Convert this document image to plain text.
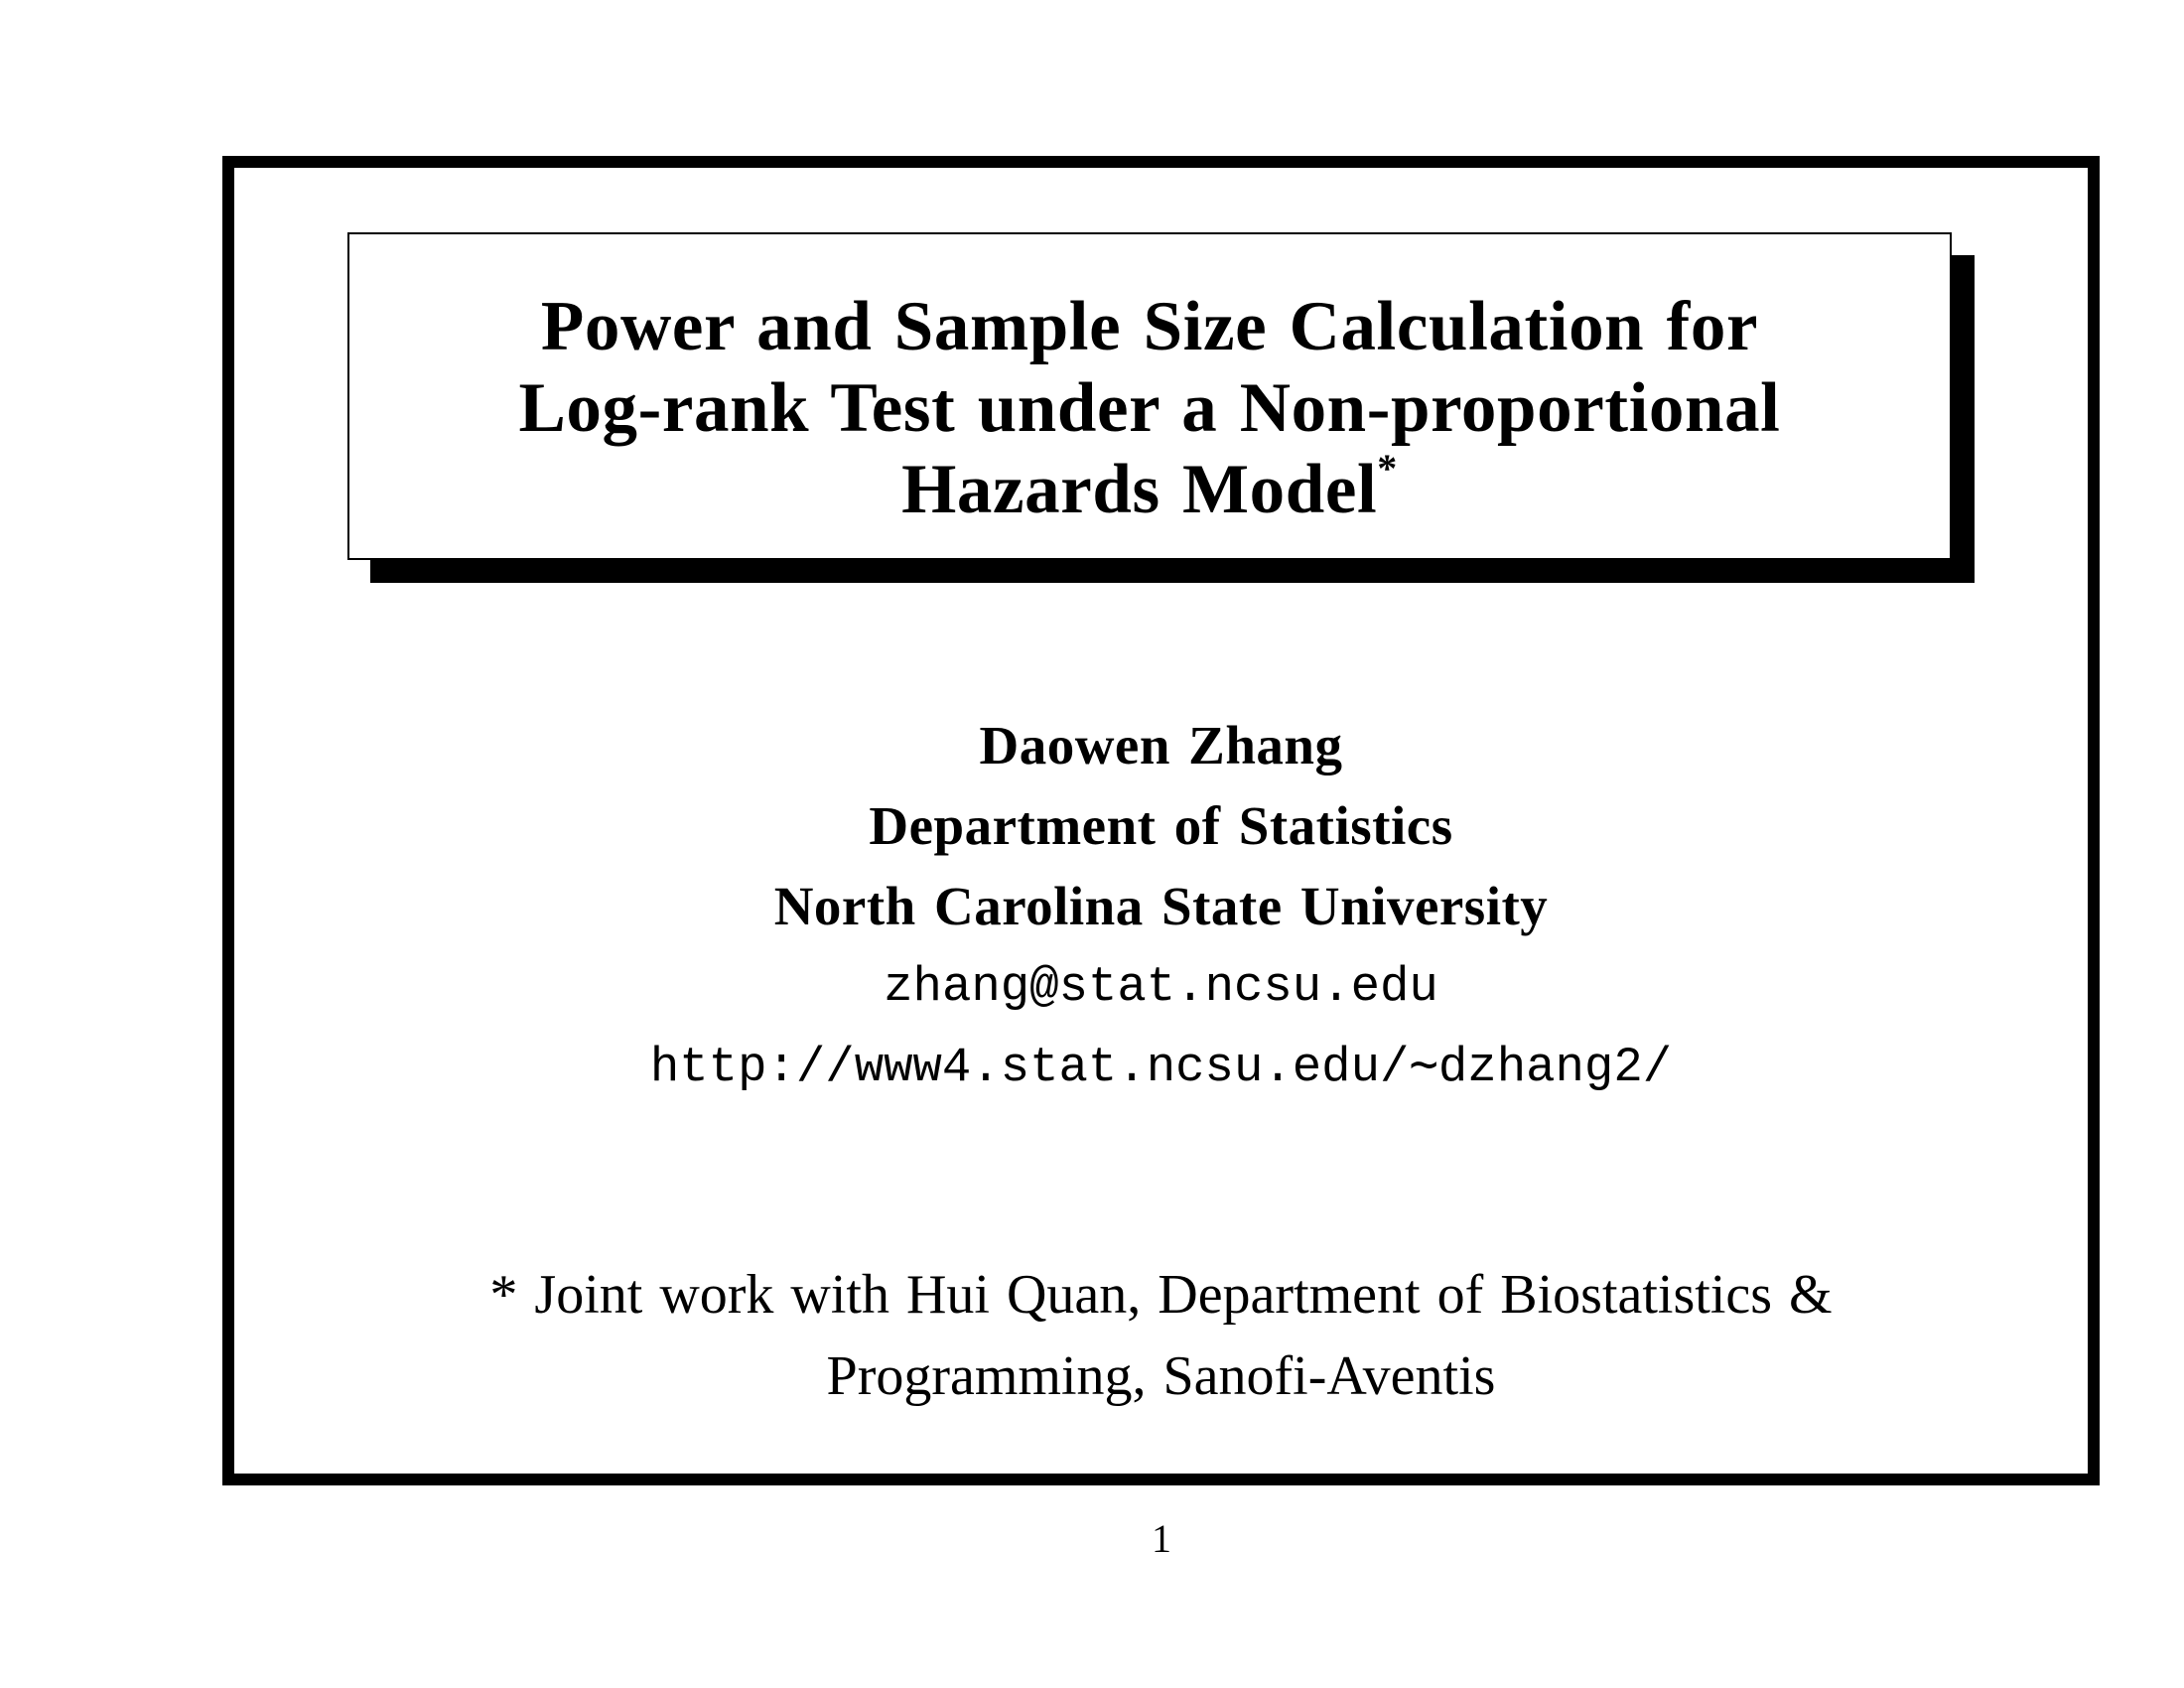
Power and Sample Size Calculation for
Log-rank Test under a Non-proportional
Hazards Model*
Daowen Zhang
Department of Statistics
North Carolina State University
zhang@stat.ncsu.edu
http://www4.stat.ncsu.edu/∼dzhang2/
* Joint work with Hui Quan, Department of Biostatistics &
Programming, Sanofi-Aventis
1
